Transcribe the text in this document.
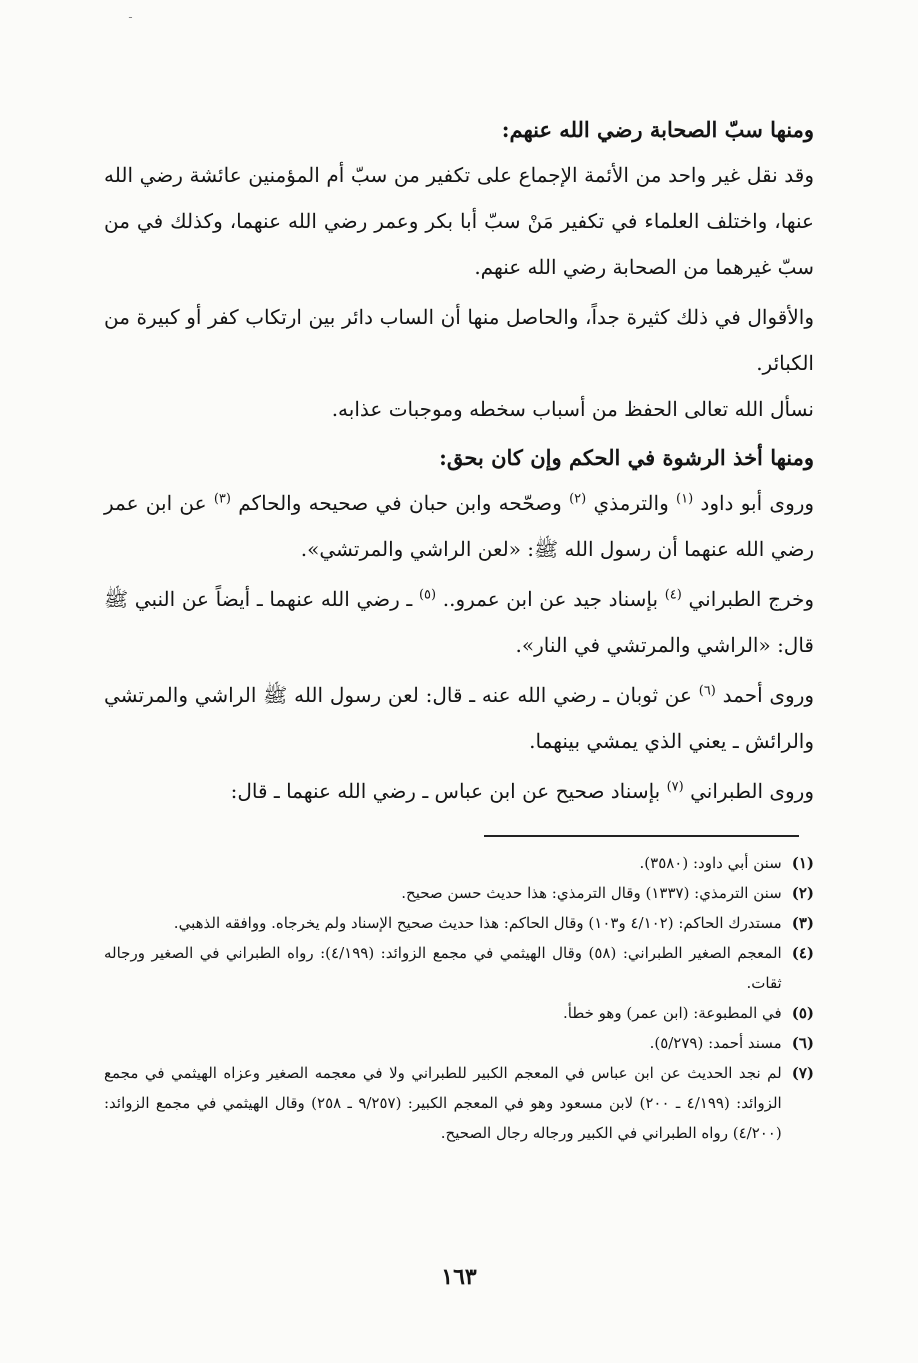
ـ
ومنها سبّ الصحابة رضي الله عنهم:

وقد نقل غير واحد من الأئمة الإجماع على تكفير من سبّ أم المؤمنين عائشة رضي الله عنها، واختلف العلماء في تكفير مَنْ سبّ أبا بكر وعمر رضي الله عنهما، وكذلك في من سبّ غيرهما من الصحابة رضي الله عنهم.

والأقوال في ذلك كثيرة جداً، والحاصل منها أن الساب دائر بين ارتكاب كفر أو كبيرة من الكبائر.

نسأل الله تعالى الحفظ من أسباب سخطه وموجبات عذابه.

ومنها أخذ الرشوة في الحكم وإن كان بحق:

وروى أبو داود $^{(١)}$ والترمذي $^{(٢)}$ وصحّحه وابن حبان في صحيحه والحاكم $^{(٣)}$ عن ابن عمر رضي الله عنهما أن رسول الله ﷺ: «لعن الراشي والمرتشي».

وخرج الطبراني $^{(٤)}$ بإسناد جيد عن ابن عمرو.. $^{(٥)}$ ـ رضي الله عنهما ـ أيضاً عن النبي ﷺ قال: «الراشي والمرتشي في النار».

وروى أحمد $^{(٦)}$ عن ثوبان ـ رضي الله عنه ـ قال: لعن رسول الله ﷺ الراشي والمرتشي والرائش ـ يعني الذي يمشي بينهما.

وروى الطبراني $^{(٧)}$ بإسناد صحيح عن ابن عباس ـ رضي الله عنهما ـ قال:

(١)
سنن أبي داود: (٣٥٨٠).
(٢)
سنن الترمذي: (١٣٣٧) وقال الترمذي: هذا حديث حسن صحيح.
(٣)
مستدرك الحاكم: (٤/١٠٢ و١٠٣) وقال الحاكم: هذا حديث صحيح الإسناد ولم يخرجاه. ووافقه الذهبي.
(٤)
المعجم الصغير الطبراني: (٥٨) وقال الهيثمي في مجمع الزوائد: (٤/١٩٩): رواه الطبراني في الصغير ورجاله ثقات.
(٥)
في المطبوعة: (ابن عمر) وهو خطأ.
(٦)
مسند أحمد: (٥/٢٧٩).
(٧)
لم نجد الحديث عن ابن عباس في المعجم الكبير للطبراني ولا في معجمه الصغير وعزاه الهيثمي في مجمع الزوائد: (٤/١٩٩ ـ ٢٠٠) لابن مسعود وهو في المعجم الكبير: (٩/٢٥٧ ـ ٢٥٨) وقال الهيثمي في مجمع الزوائد: (٤/٢٠٠) رواه الطبراني في الكبير ورجاله رجال الصحيح.
١٦٣
